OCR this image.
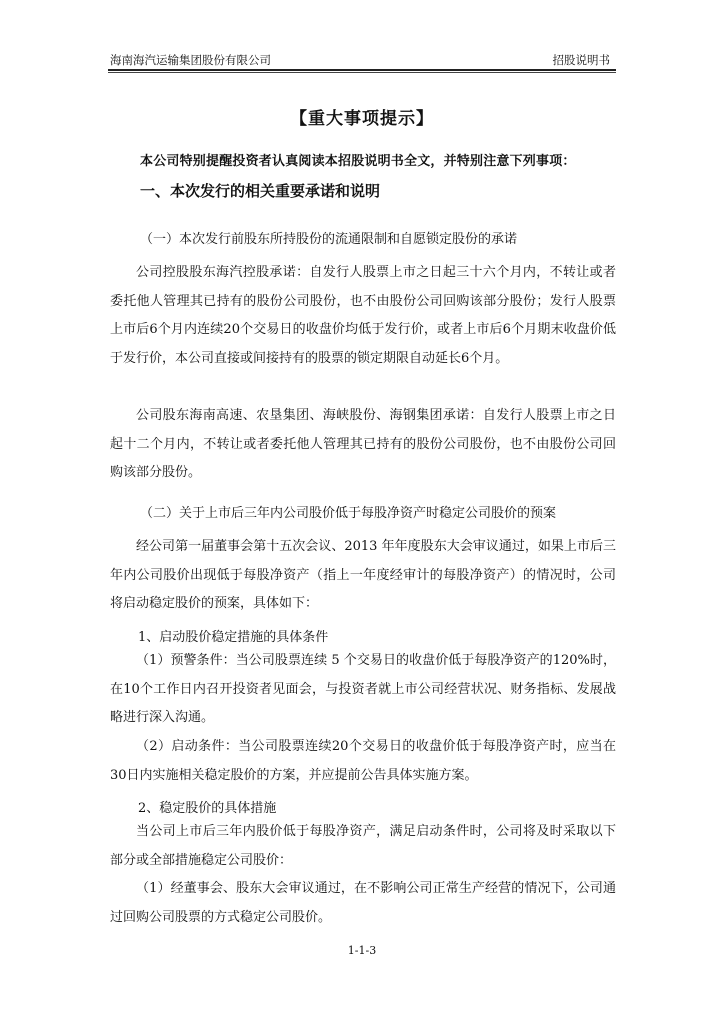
海南海汽运输集团股份有限公司	招股说明书
【重大事项提示】
本公司特别提醒投资者认真阅读本招股说明书全文，并特别注意下列事项：
一、本次发行的相关重要承诺和说明
（一）本次发行前股东所持股份的流通限制和自愿锁定股份的承诺

公司控股股东海汽控股承诺：自发行人股票上市之日起三十六个月内，不转让或者委托他人管理其已持有的股份公司股份，也不由股份公司回购该部分股份；发行人股票上市后6个月内连续20个交易日的收盘价均低于发行价，或者上市后6个月期末收盘价低于发行价，本公司直接或间接持有的股票的锁定期限自动延长6个月。

公司股东海南高速、农垦集团、海峡股份、海钢集团承诺：自发行人股票上市之日起十二个月内，不转让或者委托他人管理其已持有的股份公司股份，也不由股份公司回购该部分股份。

（二）关于上市后三年内公司股价低于每股净资产时稳定公司股价的预案

经公司第一届董事会第十五次会议、2013 年年度股东大会审议通过，如果上市后三年内公司股价出现低于每股净资产（指上一年度经审计的每股净资产）的情况时，公司将启动稳定股价的预案，具体如下：

1、启动股价稳定措施的具体条件

（1）预警条件：当公司股票连续 5 个交易日的收盘价低于每股净资产的120%时，在10个工作日内召开投资者见面会，与投资者就上市公司经营状况、财务指标、发展战略进行深入沟通。

（2）启动条件：当公司股票连续20个交易日的收盘价低于每股净资产时，应当在30日内实施相关稳定股价的方案，并应提前公告具体实施方案。

2、稳定股价的具体措施

当公司上市后三年内股价低于每股净资产，满足启动条件时，公司将及时采取以下部分或全部措施稳定公司股价：

（1）经董事会、股东大会审议通过，在不影响公司正常生产经营的情况下，公司通过回购公司股票的方式稳定公司股价。

1-1-3
